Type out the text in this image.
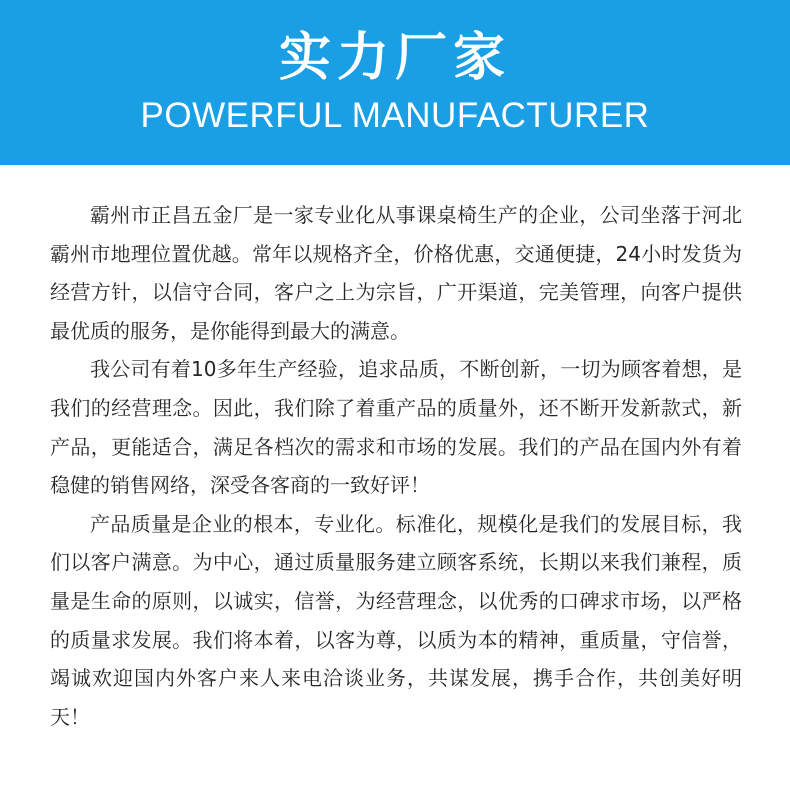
实力厂家
POWERFUL MANUFACTURER

霸州市正昌五金厂是一家专业化从事课桌椅生产的企业，公司坐落于河北霸州市地理位置优越。常年以规格齐全，价格优惠，交通便捷，24小时发货为经营方针，以信守合同，客户之上为宗旨，广开渠道，完美管理，向客户提供最优质的服务，是你能得到最大的满意。

我公司有着10多年生产经验，追求品质，不断创新，一切为顾客着想，是我们的经营理念。因此，我们除了着重产品的质量外，还不断开发新款式，新产品，更能适合，满足各档次的需求和市场的发展。我们的产品在国内外有着稳健的销售网络，深受各客商的一致好评！

产品质量是企业的根本，专业化。标准化，规模化是我们的发展目标，我们以客户满意。为中心，通过质量服务建立顾客系统，长期以来我们兼程，质量是生命的原则，以诚实，信誉，为经营理念，以优秀的口碑求市场，以严格的质量求发展。我们将本着，以客为尊，以质为本的精神，重质量，守信誉，竭诚欢迎国内外客户来人来电洽谈业务，共谋发展，携手合作，共创美好明天！
